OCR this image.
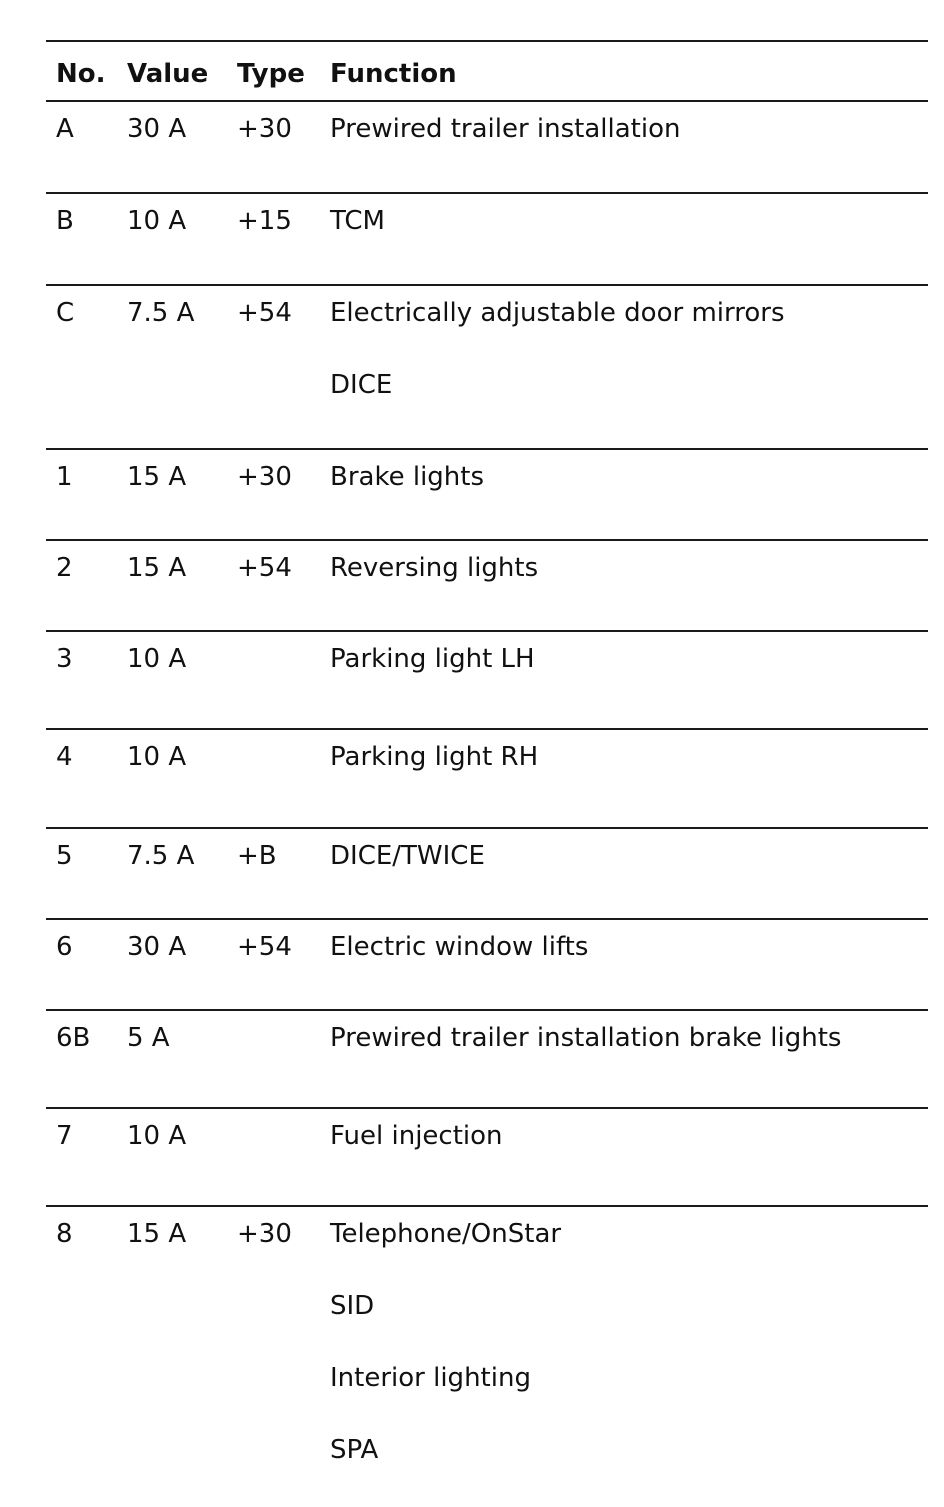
No. Value Type Function
A 30 A +30 Prewired trailer installation
B 10 A +15 TCM
C 7.5 A +54 Electrically adjustable door mirrors
DICE
1 15 A +30 Brake lights
2 15 A +54 Reversing lights
3 10 A	Parking light LH
4 10 A	Parking light RH
5 7.5 A +B DICE/TWICE
6 30 A +54 Electric window lifts
6B 5 A	Prewired trailer installation brake lights
7 10 A	Fuel injection
8 15 A +30 Telephone/OnStar
SID
Interior lighting
SPA
